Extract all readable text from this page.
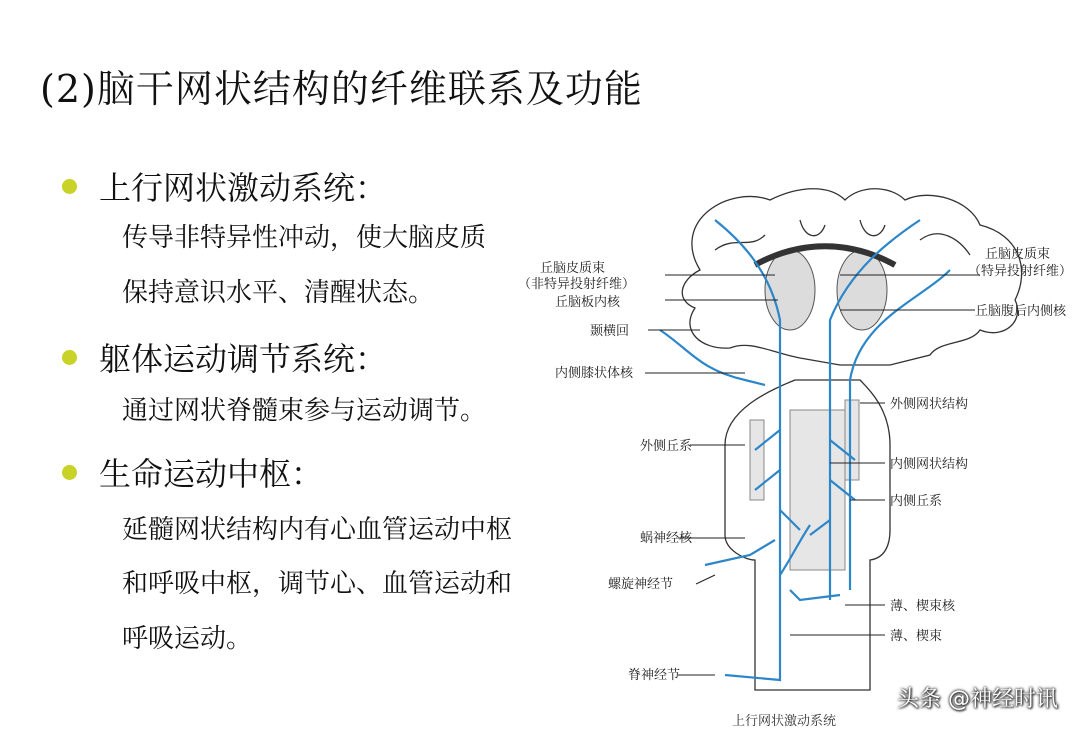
(2)脑干网状结构的纤维联系及功能
上行网状激动系统：
传导非特异性冲动，使大脑皮质
保持意识水平、清醒状态。
躯体运动调节系统：
通过网状脊髓束参与运动调节。
生命运动中枢：
延髓网状结构内有心血管运动中枢
和呼吸中枢，调节心、血管运动和
呼吸运动。
丘脑皮质束
（非特异投射纤维）
丘脑板内核
颞横回
内侧膝状体核
外侧丘系
蜗神经核
螺旋神经节
脊神经节
丘脑皮质束
（特异投射纤维）
丘脑腹后内侧核
外侧网状结构
内侧网状结构
内侧丘系
薄、楔束核
薄、楔束
上行网状激动系统
头条 @神经时讯
